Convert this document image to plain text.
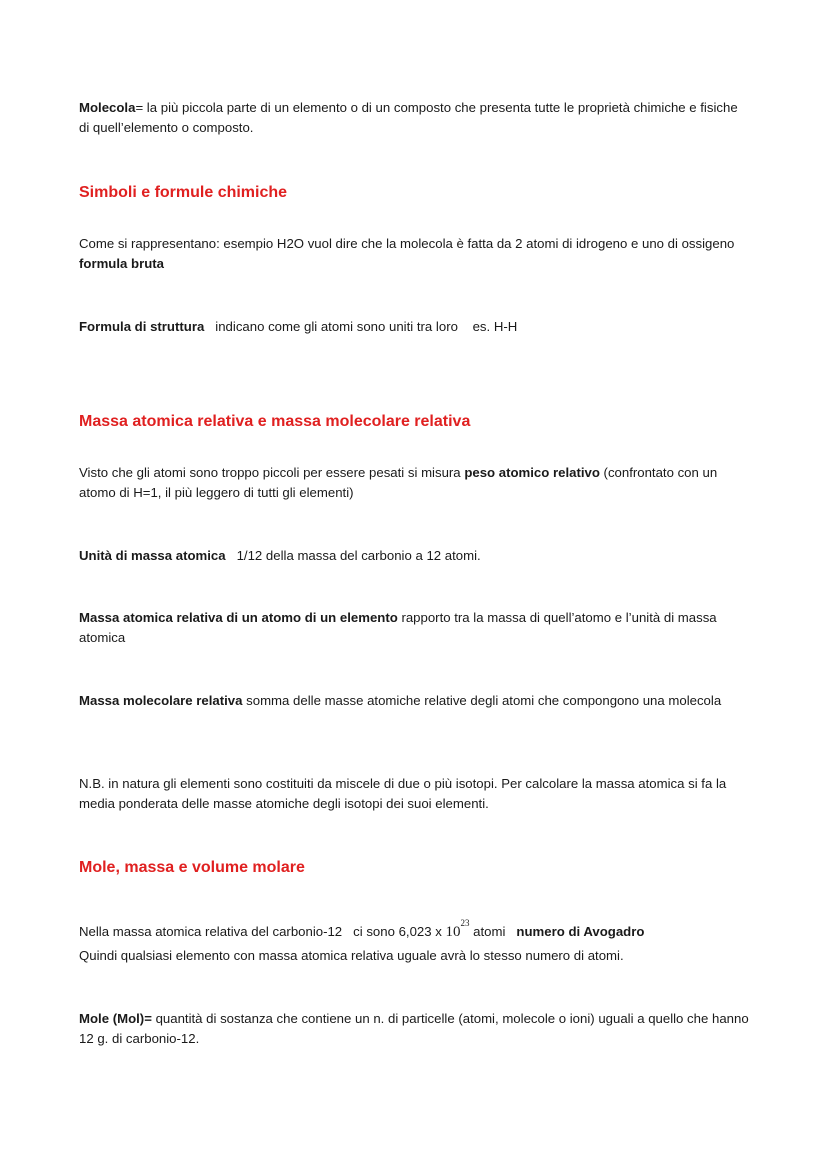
Molecola= la più piccola parte di un elemento o di un composto che presenta tutte le proprietà chimiche e fisiche di quell’elemento o composto.

Simboli e formule chimiche

Come si rappresentano: esempio H2O vuol dire che la molecola è fatta da 2 atomi di idrogeno e uno di ossigeno formula bruta

Formula di struttura   indicano come gli atomi sono uniti tra loro    es. H-H

Massa atomica relativa e massa molecolare relativa

Visto che gli atomi sono troppo piccoli per essere pesati si misura peso atomico relativo (confrontato con un atomo di H=1, il più leggero di tutti gli elementi)

Unità di massa atomica   1/12 della massa del carbonio a 12 atomi.

Massa atomica relativa di un atomo di un elemento rapporto tra la massa di quell’atomo e l’unità di massa atomica

Massa molecolare relativa somma delle masse atomiche relative degli atomi che compongono una molecola

N.B. in natura gli elementi sono costituiti da miscele di due o più isotopi. Per calcolare la massa atomica si fa la media ponderata delle masse atomiche degli isotopi dei suoi elementi.

Mole, massa e volume molare

Nella massa atomica relativa del carbonio-12   ci sono 6,023 x $10^{23}$ atomi   numero di Avogadro

Quindi qualsiasi elemento con massa atomica relativa uguale avrà lo stesso numero di atomi.

Mole (Mol)= quantità di sostanza che contiene un n. di particelle (atomi, molecole o ioni) uguali a quello che hanno 12 g. di carbonio-12.
